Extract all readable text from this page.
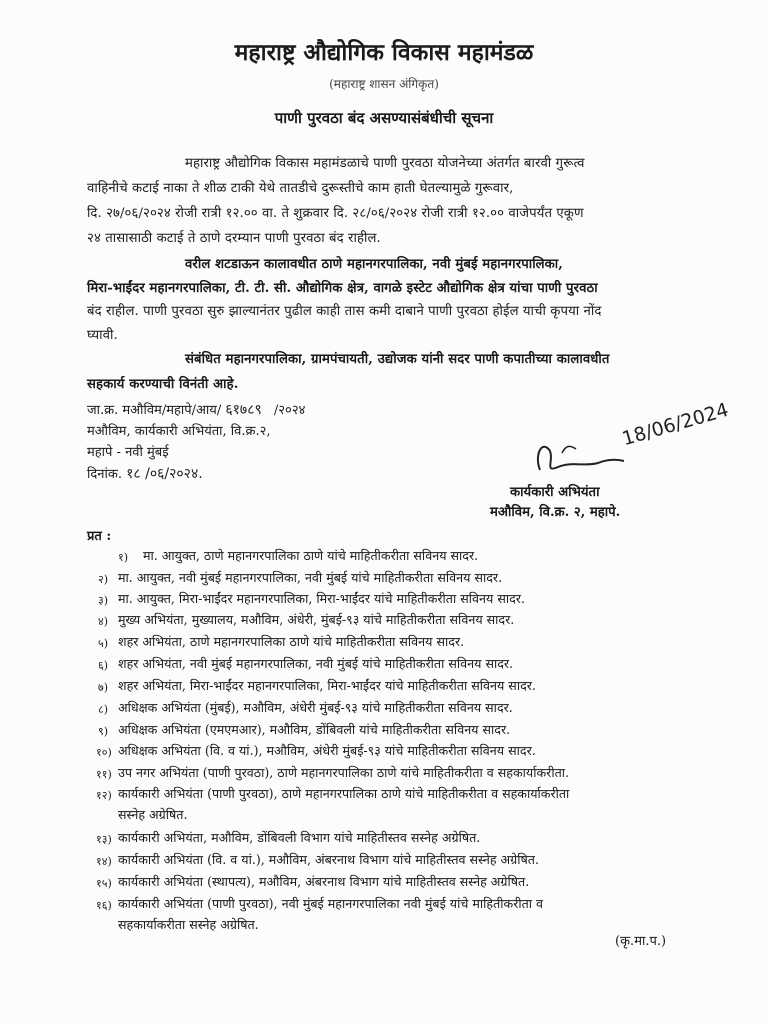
महाराष्ट्र औद्योगिक विकास महामंडळ
(महाराष्ट्र शासन अंगिकृत)
पाणी पुरवठा बंद असण्यासंबंधीची सूचना
महाराष्ट्र औद्योगिक विकास महामंडळाचे पाणी पुरवठा योजनेच्या अंतर्गत बारवी गुरूत्व
वाहिनीचे कटाई नाका ते शीळ टाकी येथे तातडीचे दुरूस्तीचे काम हाती घेतल्यामुळे गुरूवार,
दि. २७/०६/२०२४ रोजी रात्री १२.०० वा. ते शुक्रवार दि. २८/०६/२०२४ रोजी रात्री १२.०० वाजेपर्यंत एकूण
२४ तासासाठी कटाई ते ठाणे दरम्यान पाणी पुरवठा बंद राहील.
वरील शटडाऊन कालावधीत ठाणे महानगरपालिका, नवी मुंबई महानगरपालिका,
मिरा-भाईंदर महानगरपालिका, टी. टी. सी. औद्योगिक क्षेत्र, वागळे इस्टेट औद्योगिक क्षेत्र यांचा पाणी पुरवठा
बंद राहील. पाणी पुरवठा सुरु झाल्यानंतर पुढील काही तास कमी दाबाने पाणी पुरवठा होईल याची कृपया नोंद
घ्यावी.
संबंधित महानगरपालिका, ग्रामपंचायती, उद्योजक यांनी सदर पाणी कपातीच्या कालावधीत
सहकार्य करण्याची विनंती आहे.
जा.क्र. मऔविम/महापे/आय/ ६१७८९ /२०२४
मऔविम, कार्यकारी अभियंता, वि.क्र.२,
महापे - नवी मुंबई
दिनांक. १८ /०६/२०२४.
18/06/2024
कार्यकारी अभियंता
मऔविम, वि.क्र. २, महापे.
प्रत :
१) मा. आयुक्त, ठाणे महानगरपालिका ठाणे यांचे माहितीकरीता सविनय सादर.
२) मा. आयुक्त, नवी मुंबई महानगरपालिका, नवी मुंबई यांचे माहितीकरीता सविनय सादर.
३) मा. आयुक्त, मिरा-भाईंदर महानगरपालिका, मिरा-भाईंदर यांचे माहितीकरीता सविनय सादर.
४) मुख्य अभियंता, मुख्यालय, मऔविम, अंधेरी, मुंबई-९३ यांचे माहितीकरीता सविनय सादर.
५) शहर अभियंता, ठाणे महानगरपालिका ठाणे यांचे माहितीकरीता सविनय सादर.
६) शहर अभियंता, नवी मुंबई महानगरपालिका, नवी मुंबई यांचे माहितीकरीता सविनय सादर.
७) शहर अभियंता, मिरा-भाईंदर महानगरपालिका, मिरा-भाईंदर यांचे माहितीकरीता सविनय सादर.
८) अधिक्षक अभियंता (मुंबई), मऔविम, अंधेरी मुंबई-९३ यांचे माहितीकरीता सविनय सादर.
९) अधिक्षक अभियंता (एमएमआर), मऔविम, डोंबिवली यांचे माहितीकरीता सविनय सादर.
१०) अधिक्षक अभियंता (वि. व यां.), मऔविम, अंधेरी मुंबई-९३ यांचे माहितीकरीता सविनय सादर.
११) उप नगर अभियंता (पाणी पुरवठा), ठाणे महानगरपालिका ठाणे यांचे माहितीकरीता व सहकार्याकरीता.
१२) कार्यकारी अभियंता (पाणी पुरवठा), ठाणे महानगरपालिका ठाणे यांचे माहितीकरीता व सहकार्याकरीता
सस्नेह अग्रेषित.
१३) कार्यकारी अभियंता, मऔविम, डोंबिवली विभाग यांचे माहितीस्तव सस्नेह अग्रेषित.
१४) कार्यकारी अभियंता (वि. व यां.), मऔविम, अंबरनाथ विभाग यांचे माहितीस्तव सस्नेह अग्रेषित.
१५) कार्यकारी अभियंता (स्थापत्य), मऔविम, अंबरनाथ विभाग यांचे माहितीस्तव सस्नेह अग्रेषित.
१६) कार्यकारी अभियंता (पाणी पुरवठा), नवी मुंबई महानगरपालिका नवी मुंबई यांचे माहितीकरीता व
सहकार्याकरीता सस्नेह अग्रेषित.
(कृ.मा.प.)
